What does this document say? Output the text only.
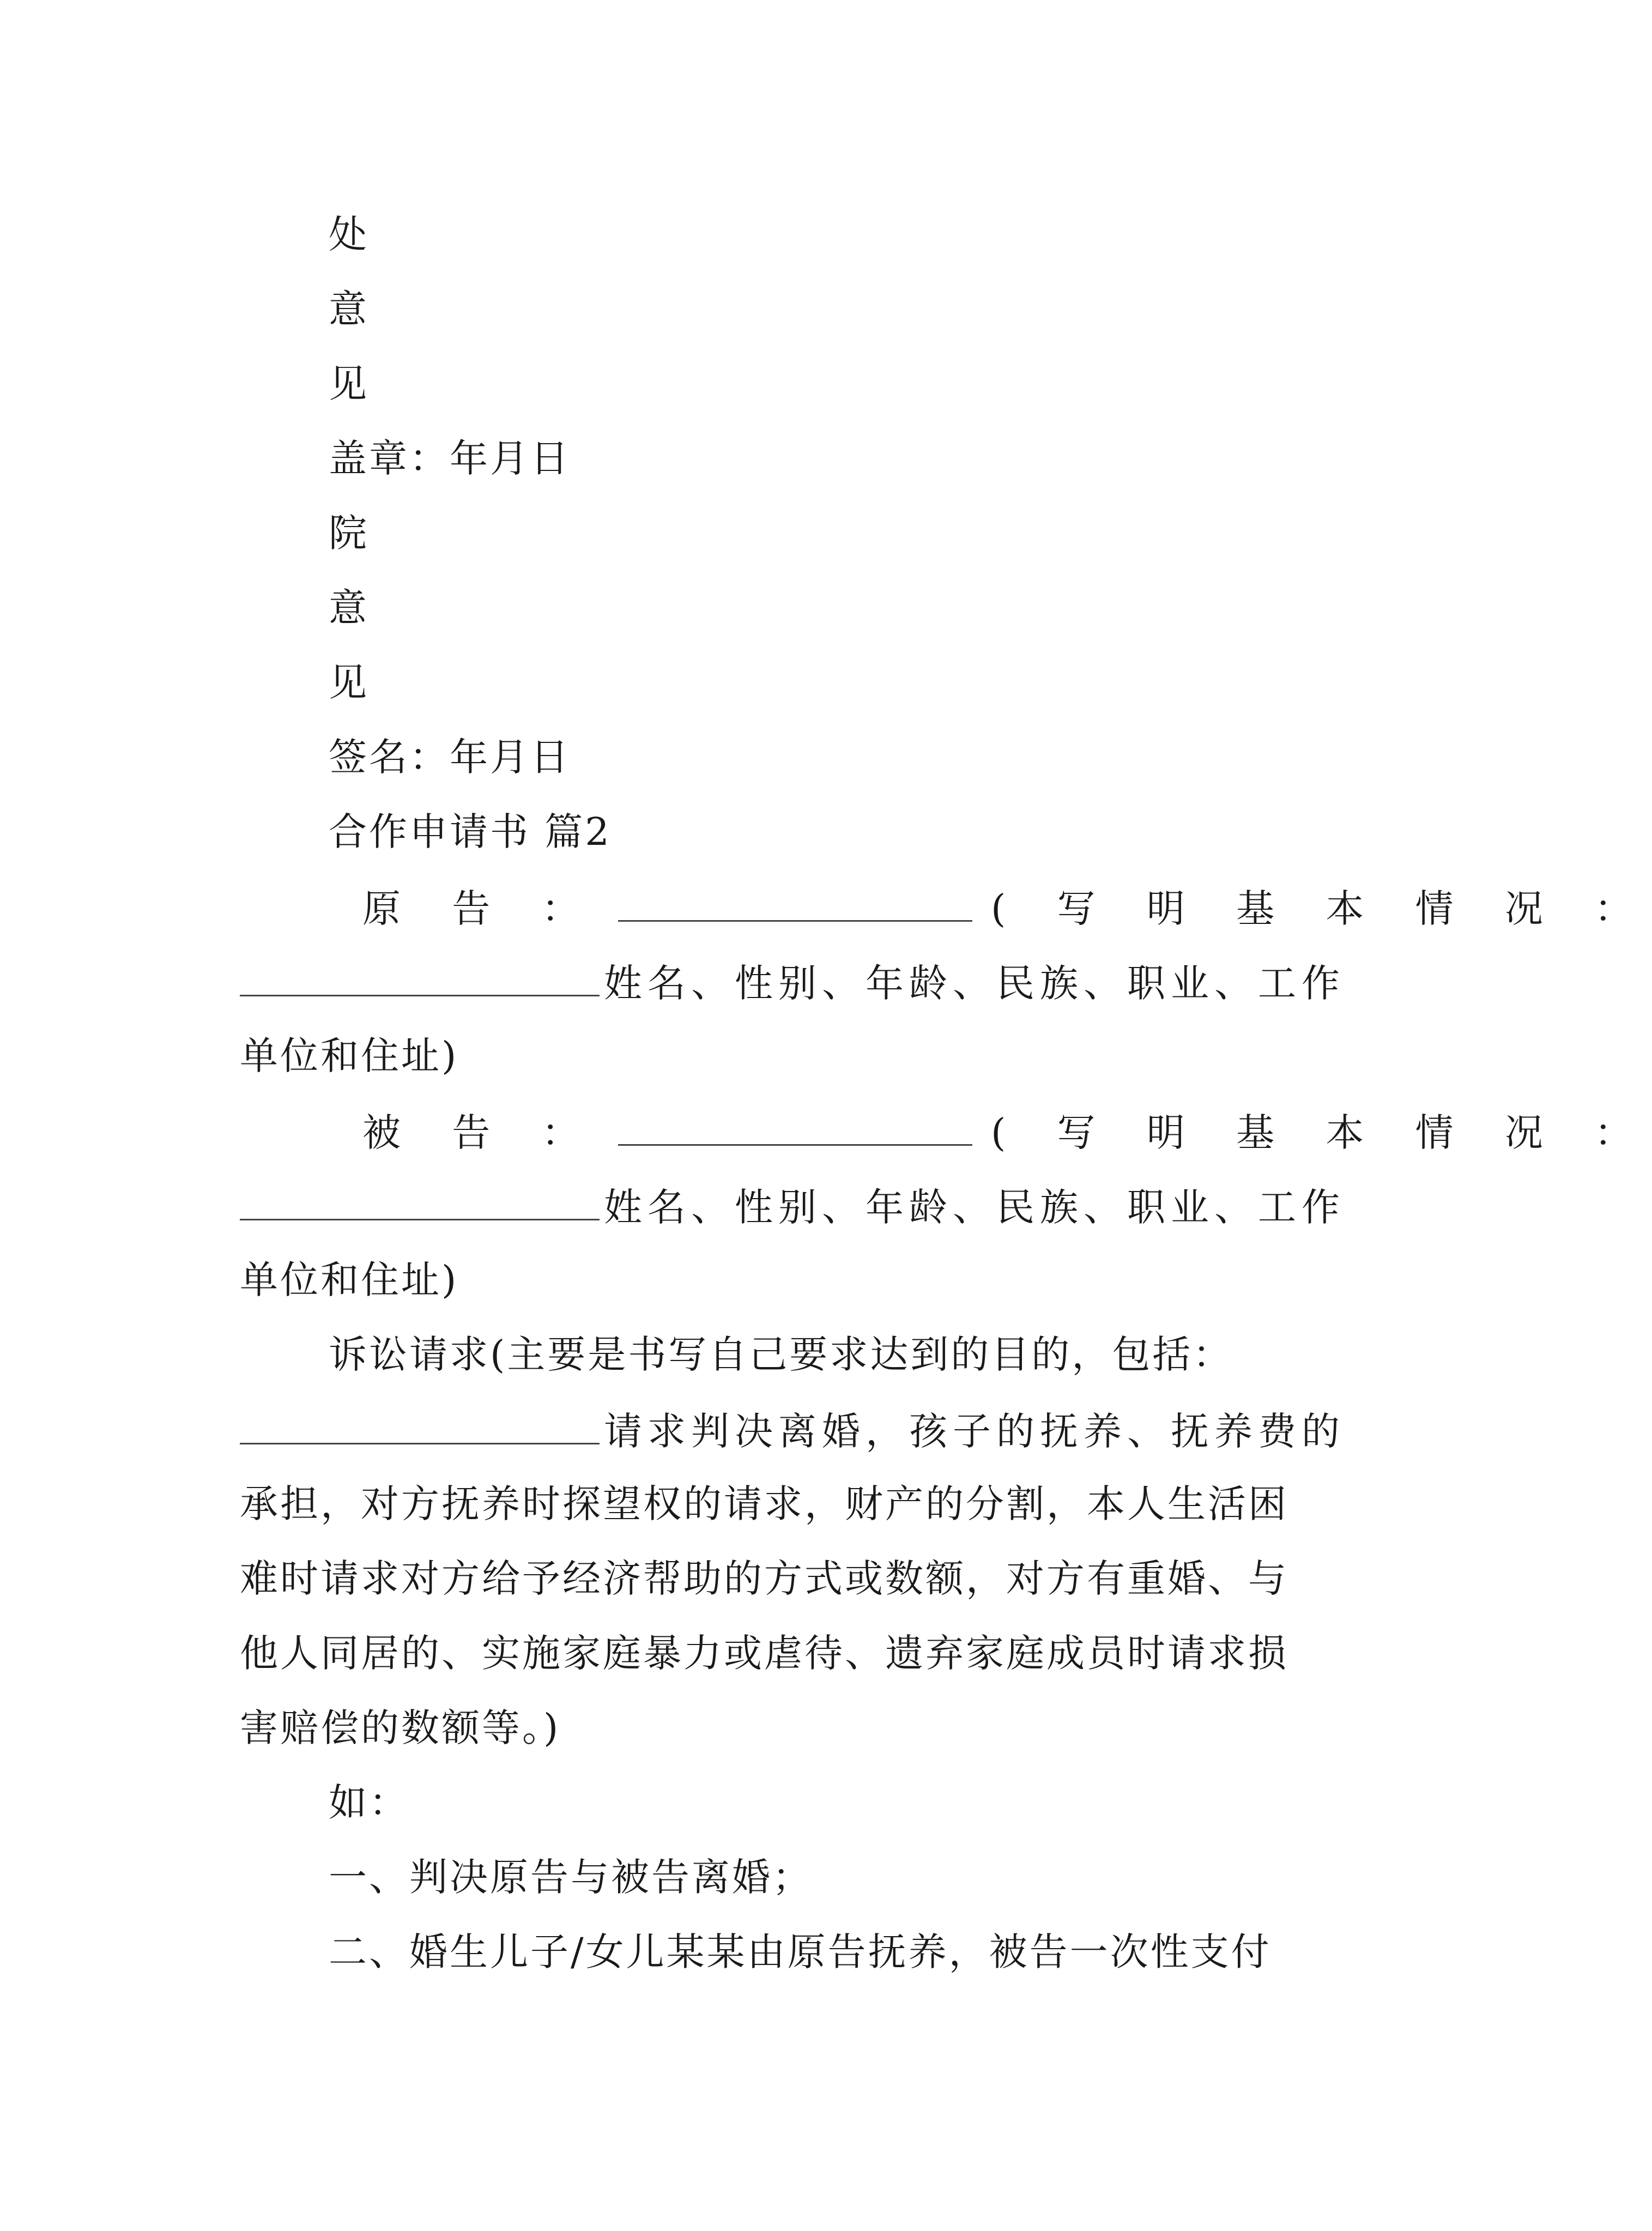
处
意
见
盖章：年月日
院
意
见
签名：年月日
合作申请书 篇2
原 告 ：	( 写 明 基 本 情 况 ：
姓名、性别、年龄、民族、职业、工作
单位和住址)
被 告 ：	( 写 明 基 本 情 况 ：
姓名、性别、年龄、民族、职业、工作
单位和住址)
诉讼请求(主要是书写自己要求达到的目的，包括：
请求判决离婚，孩子的抚养、抚养费的
承担，对方抚养时探望权的请求，财产的分割，本人生活困
难时请求对方给予经济帮助的方式或数额，对方有重婚、与
他人同居的、实施家庭暴力或虐待、遗弃家庭成员时请求损
害赔偿的数额等。)
如：
一、判决原告与被告离婚；
二、婚生儿子/女儿某某由原告抚养，被告一次性支付
